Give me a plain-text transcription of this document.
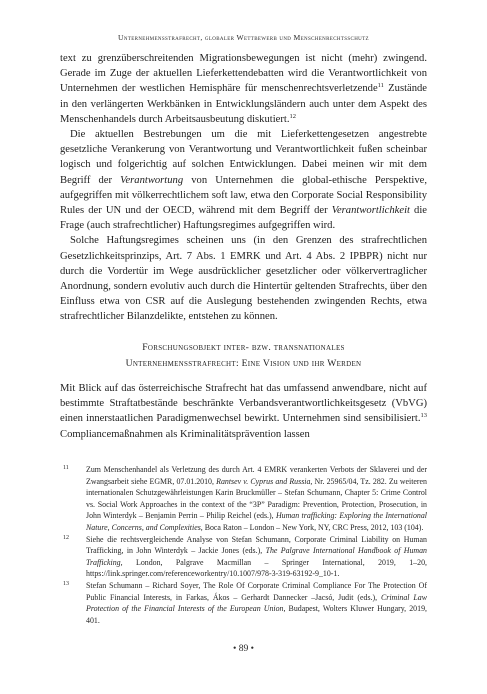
Unternehmensstrafrecht, globaler Wettbewerb und Menschenrechtsschutz

text zu grenzüberschreitenden Migrationsbewegungen ist nicht (mehr) zwingend. Gerade im Zuge der aktuellen Lieferkettendebatten wird die Verantwortlichkeit von Unternehmen der westlichen Hemisphäre für menschenrechtsverletzende$^{11}$ Zustände in den verlängerten Werkbänken in Entwicklungsländern auch unter dem Aspekt des Menschenhandels durch Arbeitsausbeutung diskutiert.$^{12}$

Die aktuellen Bestrebungen um die mit Lieferkettengesetzen angestrebte gesetzliche Verankerung von Verantwortung und Verantwortlichkeit fußen scheinbar logisch und folgerichtig auf solchen Entwicklungen. Dabei meinen wir mit dem Begriff der Verantwortung von Unternehmen die global-ethische Perspektive, aufgegriffen mit völkerrechtlichem soft law, etwa den Corporate Social Responsibility Rules der UN und der OECD, während mit dem Begriff der Verantwortlichkeit die Frage (auch strafrechtlicher) Haftungsregimes aufgegriffen wird.

Solche Haftungsregimes scheinen uns (in den Grenzen des strafrechtlichen Gesetzlichkeitsprinzips, Art. 7 Abs. 1 EMRK und Art. 4 Abs. 2 IPBPR) nicht nur durch die Vordertür im Wege ausdrücklicher gesetzlicher oder völkervertraglicher Anordnung, sondern evolutiv auch durch die Hintertür geltenden Strafrechts, über den Einfluss etwa von CSR auf die Auslegung bestehenden zwingenden Rechts, etwa strafrechtlicher Bilanzdelikte, entstehen zu können.

Forschungsobjekt inter- bzw. transnationales
Unternehmensstrafrecht: Eine Vision und ihr Werden

Mit Blick auf das österreichische Strafrecht hat das umfassend anwendbare, nicht auf bestimmte Straftatbestände beschränkte Verbandsverantwortlichkeitsgesetz (VbVG) einen innerstaatlichen Paradigmenwechsel bewirkt. Unternehmen sind sensibilisiert.$^{13}$ Compliancemaßnahmen als Kriminalitätsprävention lassen

11 Zum Menschenhandel als Verletzung des durch Art. 4 EMRK verankerten Verbots der Sklaverei und der Zwangsarbeit siehe EGMR, 07.01.2010, Rantsev v. Cyprus and Russia, Nr. 25965/04, Tz. 282. Zu weiteren internationalen Schutzgewährleistungen Karin Bruckmüller – Stefan Schumann, Chapter 5: Crime Control vs. Social Work Approaches in the context of the “3P” Paradigm: Prevention, Protection, Prosecution, in John Winterdyk – Benjamin Perrin – Philip Reichel (eds.), Human trafficking: Exploring the International Nature, Concerns, and Complexities, Boca Raton – London – New York, NY, CRC Press, 2012, 103 (104).
12 Siehe die rechtsvergleichende Analyse von Stefan Schumann, Corporate Criminal Liability on Human Trafficking, in John Winterdyk – Jackie Jones (eds.), The Palgrave International Handbook of Human Trafficking, London, Palgrave Macmillan – Springer International, 2019, 1–20, https://link.springer.com/referenceworkentry/10.1007/978-3-319-63192-9_10-1.
13 Stefan Schumann – Richard Soyer, The Role Of Corporate Criminal Compliance For The Protection Of Public Financial Interests, in Farkas, Ákos – Gerhardt Dannecker –Jacsó, Judit (eds.), Criminal Law Protection of the Financial Interests of the European Union, Budapest, Wolters Kluwer Hungary, 2019, 401.
• 89 •
